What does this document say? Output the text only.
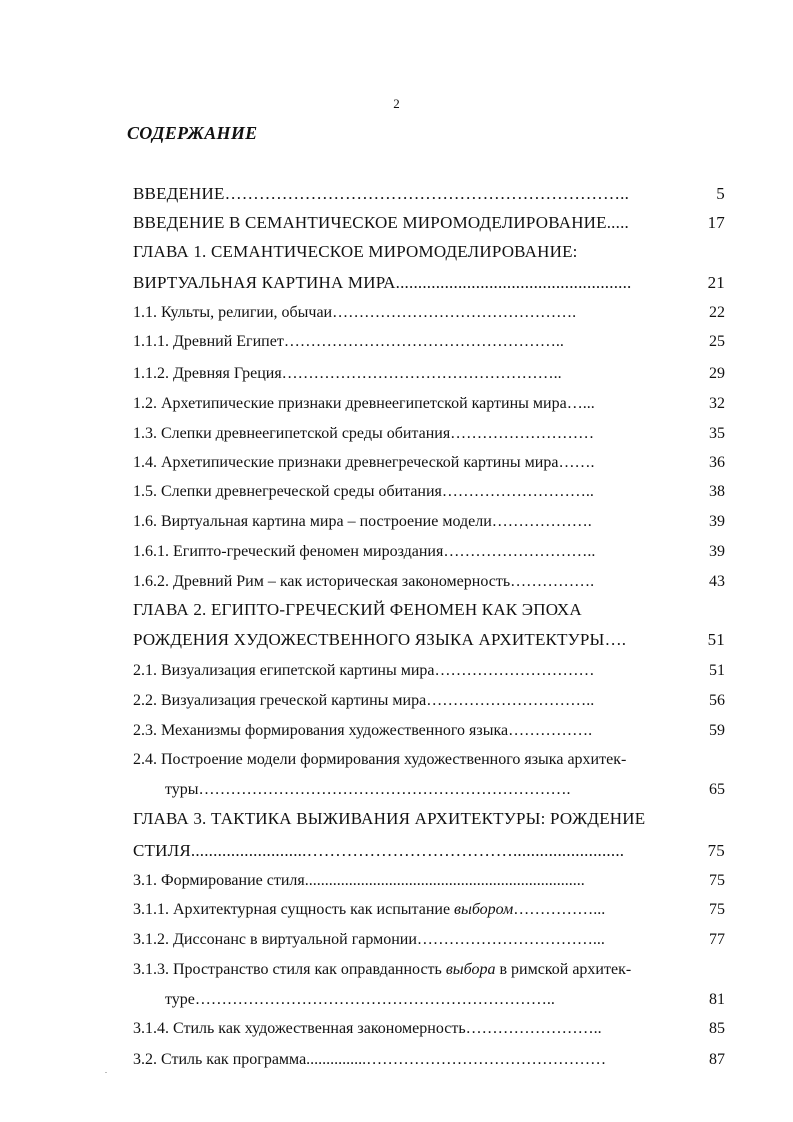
2
СОДЕРЖАНИЕ
ВВЕДЕНИЕ……………………………………………………………..	5
ВВЕДЕНИЕ В СЕМАНТИЧЕСКОЕ МИРОМОДЕЛИРОВАНИЕ.....	17
ГЛАВА 1. СЕМАНТИЧЕСКОЕ МИРОМОДЕЛИРОВАНИЕ:
ВИРТУАЛЬНАЯ КАРТИНА МИРА.....................................................	21
1.1. Культы, религии, обычаи……………………………………….	22
1.1.1. Древний Египет……………………………………………..	25
1.1.2. Древняя Греция……………………………………………..	29
1.2. Архетипические признаки древнеегипетской картины мира…...	32
1.3. Слепки древнеегипетской среды обитания………………………	35
1.4. Архетипические признаки древнегреческой картины мира…….	36
1.5. Слепки древнегреческой среды обитания………………………..	38
1.6. Виртуальная картина мира – построение модели……………….	39
1.6.1. Египто-греческий феномен мироздания………………………..	39
1.6.2. Древний Рим – как историческая закономерность…………….	43
ГЛАВА 2. ЕГИПТО-ГРЕЧЕСКИЙ ФЕНОМЕН КАК ЭПОХА
РОЖДЕНИЯ ХУДОЖЕСТВЕННОГО ЯЗЫКА АРХИТЕКТУРЫ….	51
2.1. Визуализация египетской картины мира…………………………	51
2.2. Визуализация греческой картины мира…………………………..	56
2.3. Механизмы формирования художественного языка…………….	59
2.4. Построение модели формирования художественного языка архитек-
туры…………………………………………………………….	65
ГЛАВА 3. ТАКТИКА ВЫЖИВАНИЯ АРХИТЕКТУРЫ: РОЖДЕНИЕ
СТИЛЯ..........................……………………………….........................	75
3.1. Формирование стиля......................................................................	75
3.1.1. Архитектурная сущность как испытание выбором……………...	75
3.1.2. Диссонанс в виртуальной гармонии……………………………...	77
3.1.3. Пространство стиля как оправданность выбора в римской архитек-
туре…………………………………………………………..	81
3.1.4. Стиль как художественная закономерность……………………..	85
3.2. Стиль как программа...............………………………………………	87
